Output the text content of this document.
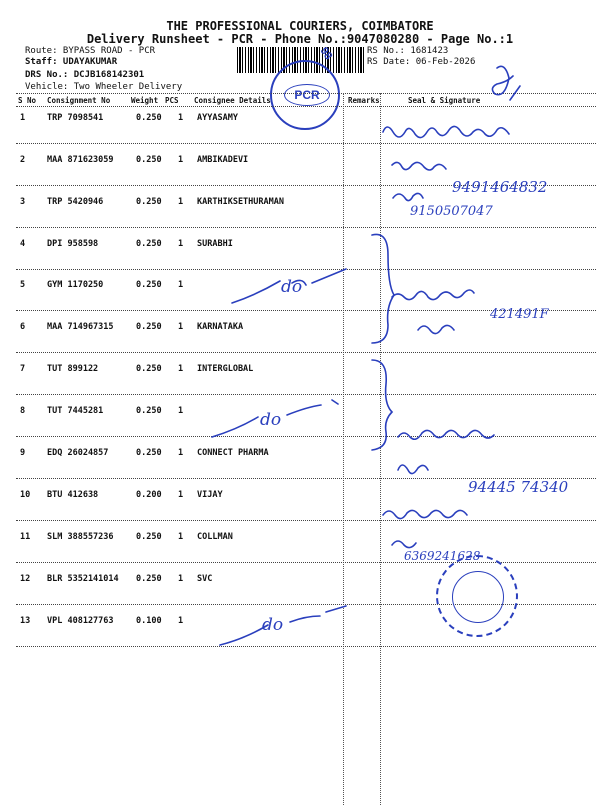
THE PROFESSIONAL COURIERS, COIMBATORE
Delivery Runsheet - PCR - Phone No.:9047080280 - Page No.:1
Route: BYPASS ROAD - PCR
Staff: UDAYAKUMAR
DRS No.: DCJB168142301
Vehicle: Two Wheeler Delivery
RS No.: 1681423
RS Date: 06-Feb-2026
98
PCR
S No Consignment No	Weight PCS Consignee Details	Remarks	Seal & Signature
1	TRP 7098541	0.250 1 AYYASAMY
2	MAA 871623059	0.250 1 AMBIKADEVI
3	TRP 5420946	0.250 1 KARTHIKSETHURAMAN
4	DPI 958598	0.250 1 SURABHI
5	GYM 1170250	0.250 1
6	MAA 714967315	0.250 1 KARNATAKA
7	TUT 899122	0.250 1 INTERGLOBAL
8	TUT 7445281	0.250 1
9	EDQ 26024857	0.250 1 CONNECT PHARMA
10 BTU 412638	0.200 1 VIJAY
11 SLM 388557236	0.250 1 COLLMAN
12 BLR 5352141014 0.250 1 SVC
13 VPL 408127763	0.100 1
do
do
do
9491464832
9150507047
421491F
94445 74340
6369241628
